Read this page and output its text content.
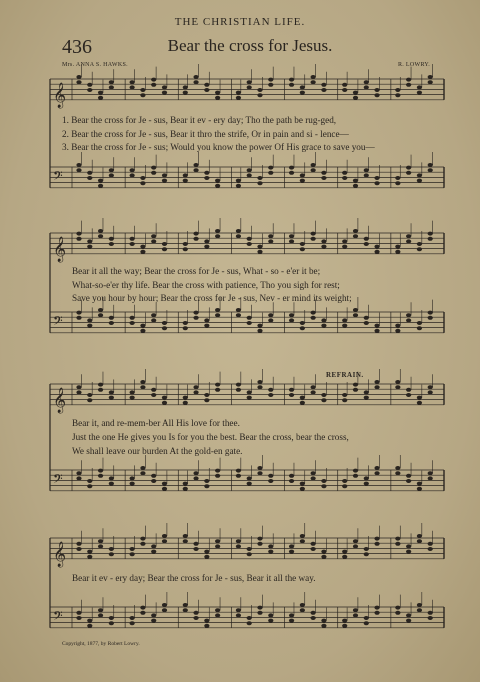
THE CHRISTIAN LIFE.
436	Bear the cross for Jesus.
Mrs. ANNA S. HAWKS.	R. LOWRY.
𝄞
𝄢
𝄞
𝄢
𝄞
𝄢
𝄞
𝄢
1. Bear the cross for Je - sus, Bear it ev - ery day; Tho the path be rug-ged,
2. Bear the cross for Je - sus, Bear it thro the strife, Or in pain and si - lence—
3. Bear the cross for Je - sus; Would you know the power Of His grace to save you—
Bear it all the way; Bear the cross for Je - sus, What - so - e'er it be;
What-so-e'er thy life. Bear the cross with patience, Tho you sigh for rest;
Save you hour by hour; Bear the cross for Je - sus, Nev - er mind its weight;
REFRAIN.
Bear it, and re-mem-ber All His love for thee.
Just the one He gives you Is for you the best. Bear the cross, bear the cross,
We shall leave our burden At the gold-en gate.
Bear it ev - ery day; Bear the cross for Je - sus, Bear it all the way.
Copyright, 1877, by Robert Lowry.
